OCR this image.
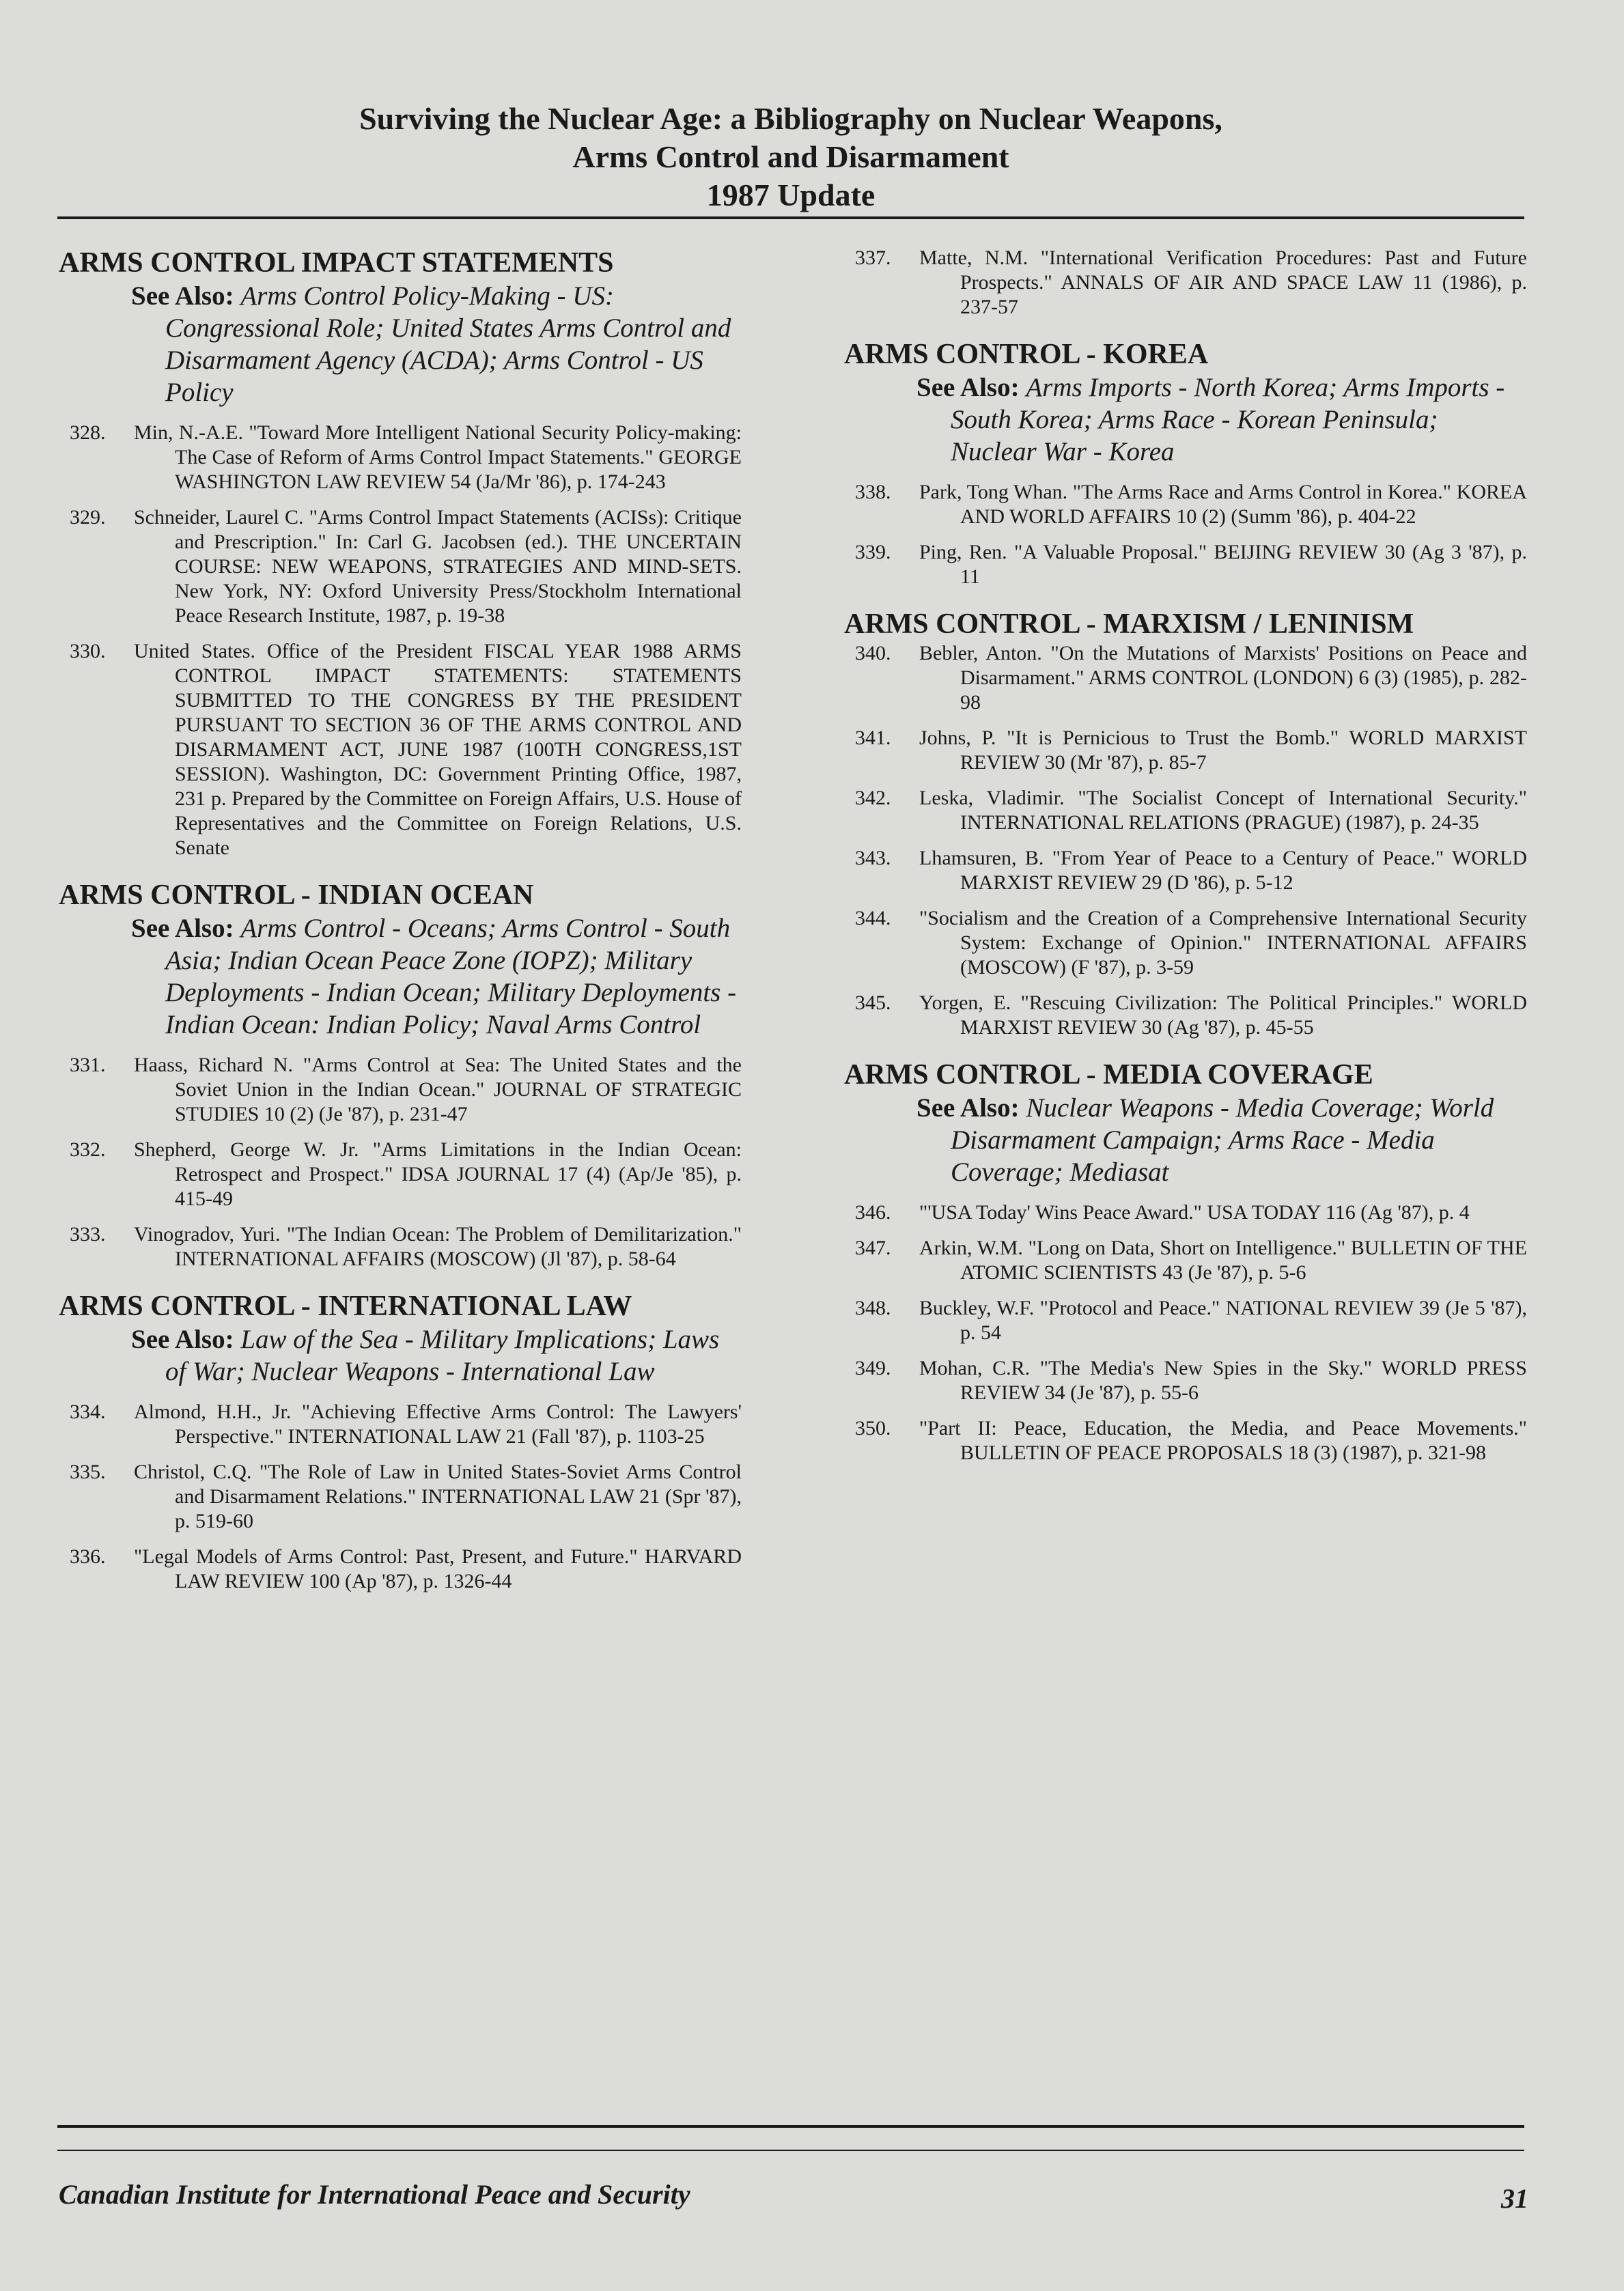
Surviving the Nuclear Age: a Bibliography on Nuclear Weapons,
Arms Control and Disarmament
1987 Update
ARMS CONTROL IMPACT STATEMENTS

See Also: Arms Control Policy-Making - US: Congressional Role; United States Arms Control and Disarmament Agency (ACDA); Arms Control - US Policy

328. Min, N.-A.E. "Toward More Intelligent National Security Policy-making: The Case of Reform of Arms Control Impact Statements." GEORGE WASHINGTON LAW REVIEW 54 (Ja/Mr '86), p. 174-243
329. Schneider, Laurel C. "Arms Control Impact Statements (ACISs): Critique and Prescription." In: Carl G. Jacobsen (ed.). THE UNCERTAIN COURSE: NEW WEAPONS, STRATEGIES AND MIND-SETS. New York, NY: Oxford University Press/Stockholm International Peace Research Institute, 1987, p. 19-38
330. United States. Office of the President FISCAL YEAR 1988 ARMS CONTROL IMPACT STATEMENTS: STATEMENTS SUBMITTED TO THE CONGRESS BY THE PRESIDENT PURSUANT TO SECTION 36 OF THE ARMS CONTROL AND DISARMAMENT ACT, JUNE 1987 (100TH CONGRESS,1ST SESSION). Washington, DC: Government Printing Office, 1987, 231 p. Prepared by the Committee on Foreign Affairs, U.S. House of Representatives and the Committee on Foreign Relations, U.S. Senate
ARMS CONTROL - INDIAN OCEAN

See Also: Arms Control - Oceans; Arms Control - South Asia; Indian Ocean Peace Zone (IOPZ); Military Deployments - Indian Ocean; Military Deployments - Indian Ocean: Indian Policy; Naval Arms Control

331. Haass, Richard N. "Arms Control at Sea: The United States and the Soviet Union in the Indian Ocean." JOURNAL OF STRATEGIC STUDIES 10 (2) (Je '87), p. 231-47
332. Shepherd, George W. Jr. "Arms Limitations in the Indian Ocean: Retrospect and Prospect." IDSA JOURNAL 17 (4) (Ap/Je '85), p. 415-49
333. Vinogradov, Yuri. "The Indian Ocean: The Problem of Demilitarization." INTERNATIONAL AFFAIRS (MOSCOW) (Jl '87), p. 58-64
ARMS CONTROL - INTERNATIONAL LAW

See Also: Law of the Sea - Military Implications; Laws of War; Nuclear Weapons - International Law

334. Almond, H.H., Jr. "Achieving Effective Arms Control: The Lawyers' Perspective." INTERNATIONAL LAW 21 (Fall '87), p. 1103-25
335. Christol, C.Q. "The Role of Law in United States-Soviet Arms Control and Disarmament Relations." INTERNATIONAL LAW 21 (Spr '87), p. 519-60
336. "Legal Models of Arms Control: Past, Present, and Future." HARVARD LAW REVIEW 100 (Ap '87), p. 1326-44
337. Matte, N.M. "International Verification Procedures: Past and Future Prospects." ANNALS OF AIR AND SPACE LAW 11 (1986), p. 237-57
ARMS CONTROL - KOREA

See Also: Arms Imports - North Korea; Arms Imports - South Korea; Arms Race - Korean Peninsula; Nuclear War - Korea

338. Park, Tong Whan. "The Arms Race and Arms Control in Korea." KOREA AND WORLD AFFAIRS 10 (2) (Summ '86), p. 404-22
339. Ping, Ren. "A Valuable Proposal." BEIJING REVIEW 30 (Ag 3 '87), p. 11
ARMS CONTROL - MARXISM / LENINISM
340. Bebler, Anton. "On the Mutations of Marxists' Positions on Peace and Disarmament." ARMS CONTROL (LONDON) 6 (3) (1985), p. 282-98
341. Johns, P. "It is Pernicious to Trust the Bomb." WORLD MARXIST REVIEW 30 (Mr '87), p. 85-7
342. Leska, Vladimir. "The Socialist Concept of International Security." INTERNATIONAL RELATIONS (PRAGUE) (1987), p. 24-35
343. Lhamsuren, B. "From Year of Peace to a Century of Peace." WORLD MARXIST REVIEW 29 (D '86), p. 5-12
344. "Socialism and the Creation of a Comprehensive International Security System: Exchange of Opinion." INTERNATIONAL AFFAIRS (MOSCOW) (F '87), p. 3-59
345. Yorgen, E. "Rescuing Civilization: The Political Principles." WORLD MARXIST REVIEW 30 (Ag '87), p. 45-55
ARMS CONTROL - MEDIA COVERAGE

See Also: Nuclear Weapons - Media Coverage; World Disarmament Campaign; Arms Race - Media Coverage; Mediasat

346. "'USA Today' Wins Peace Award." USA TODAY 116 (Ag '87), p. 4
347. Arkin, W.M. "Long on Data, Short on Intelligence." BULLETIN OF THE ATOMIC SCIENTISTS 43 (Je '87), p. 5-6
348. Buckley, W.F. "Protocol and Peace." NATIONAL REVIEW 39 (Je 5 '87), p. 54
349. Mohan, C.R. "The Media's New Spies in the Sky." WORLD PRESS REVIEW 34 (Je '87), p. 55-6
350. "Part II: Peace, Education, the Media, and Peace Movements." BULLETIN OF PEACE PROPOSALS 18 (3) (1987), p. 321-98
Canadian Institute for International Peace and Security	31
